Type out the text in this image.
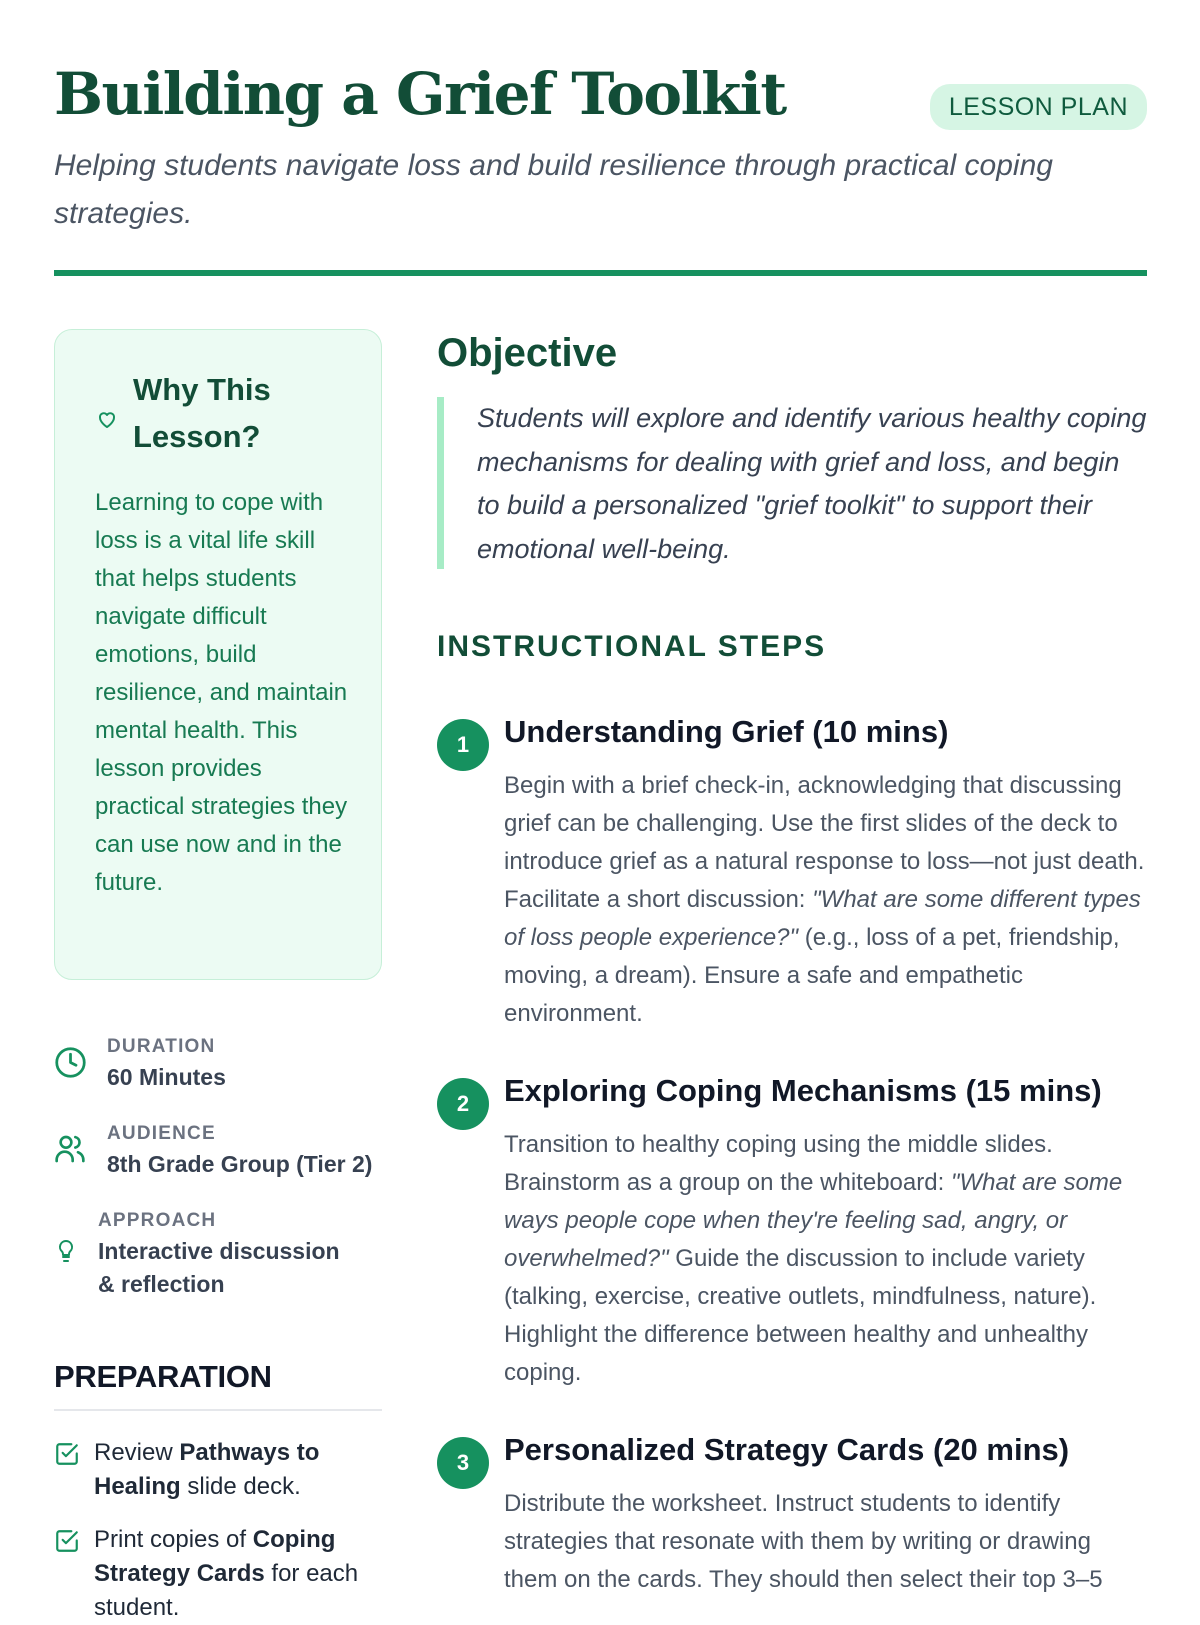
Building a Grief Toolkit	LESSON PLAN

Helping students navigate loss and build resilience through practical coping strategies.

Why This Lesson?

Learning to cope with loss is a vital life skill that helps students navigate difficult emotions, build resilience, and maintain mental health. This lesson provides practical strategies they can use now and in the future.

DURATION
60 Minutes
AUDIENCE
8th Grade Group (Tier 2)
APPROACH
Interactive discussion & reflection
PREPARATION

Review Pathways to Healing slide deck.

Print copies of Coping Strategy Cards for each student.

Objective

Students will explore and identify various healthy coping mechanisms for dealing with grief and loss, and begin to build a personalized "grief toolkit" to support their emotional well-being.

INSTRUCTIONAL STEPS
1	Understanding Grief (10 mins)

Begin with a brief check-in, acknowledging that discussing grief can be challenging. Use the first slides of the deck to introduce grief as a natural response to loss—not just death. Facilitate a short discussion: "What are some different types of loss people experience?" (e.g., loss of a pet, friendship, moving, a dream). Ensure a safe and empathetic environment.

2	Exploring Coping Mechanisms (15 mins)

Transition to healthy coping using the middle slides. Brainstorm as a group on the whiteboard: "What are some ways people cope when they're feeling sad, angry, or overwhelmed?" Guide the discussion to include variety (talking, exercise, creative outlets, mindfulness, nature). Highlight the difference between healthy and unhealthy coping.

3	Personalized Strategy Cards (20 mins)

Distribute the worksheet. Instruct students to identify strategies that resonate with them by writing or drawing them on the cards. They should then select their top 3–5
